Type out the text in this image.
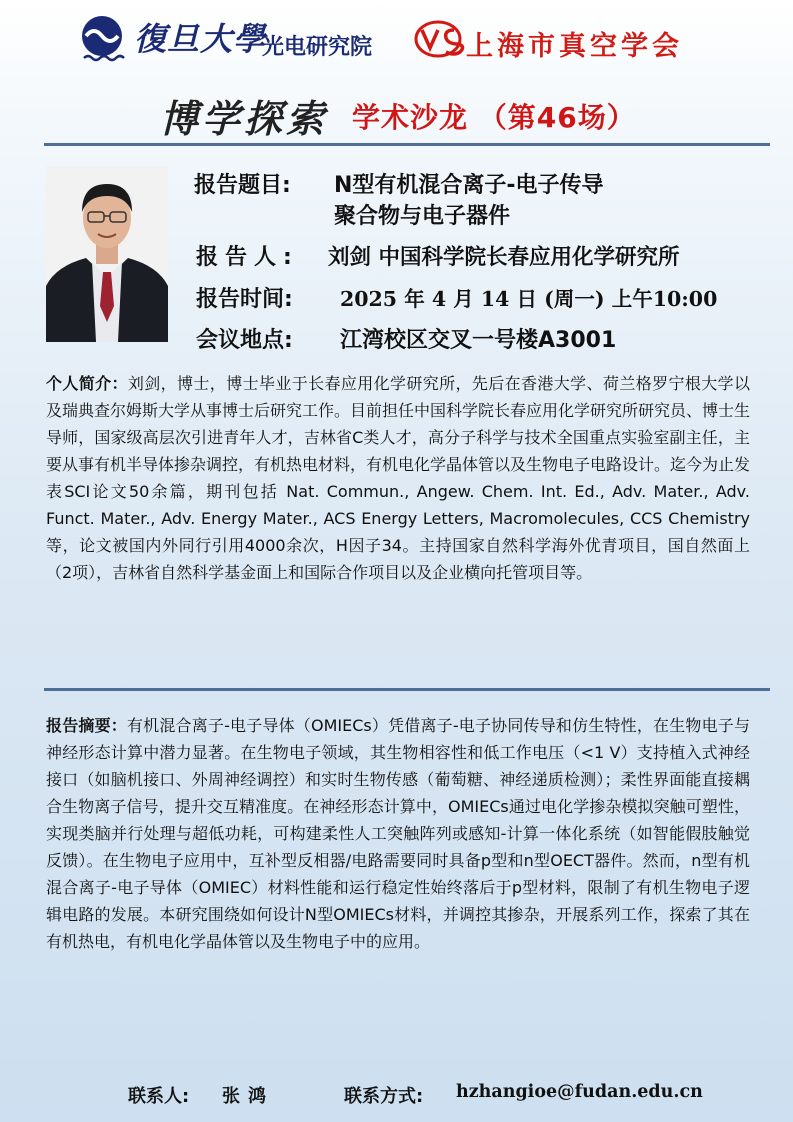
復旦大學
光电研究院	上海市真空学会
博学探索 学术沙龙 （第46场）
报告题目: N型有机混合离子-电子传导
聚合物与电子器件
报告人: 刘剑 中国科学院长春应用化学研究所
报告时间: 2025 年 4 月 14 日 (周一) 上午10:00
会议地点: 江湾校区交叉一号楼A3001
个人简介：刘剑，博士，博士毕业于长春应用化学研究所，先后在香港大学、荷兰格罗宁根大学以及瑞典查尔姆斯大学从事博士后研究工作。目前担任中国科学院长春应用化学研究所研究员、博士生导师，国家级高层次引进青年人才，吉林省C类人才，高分子科学与技术全国重点实验室副主任，主要从事有机半导体掺杂调控，有机热电材料，有机电化学晶体管以及生物电子电路设计。迄今为止发表SCI论文50余篇，期刊包括 Nat. Commun., Angew. Chem. Int. Ed., Adv. Mater., Adv. Funct. Mater., Adv. Energy Mater., ACS Energy Letters, Macromolecules, CCS Chemistry等，论文被国内外同行引用4000余次，H因子34。主持国家自然科学海外优青项目，国自然面上（2项），吉林省自然科学基金面上和国际合作项目以及企业横向托管项目等。
报告摘要：有机混合离子-电子导体（OMIECs）凭借离子-电子协同传导和仿生特性，在生物电子与神经形态计算中潜力显著。在生物电子领域，其生物相容性和低工作电压（<1 V）支持植入式神经接口（如脑机接口、外周神经调控）和实时生物传感（葡萄糖、神经递质检测）；柔性界面能直接耦合生物离子信号，提升交互精准度。在神经形态计算中，OMIECs通过电化学掺杂模拟突触可塑性，实现类脑并行处理与超低功耗，可构建柔性人工突触阵列或感知-计算一体化系统（如智能假肢触觉反馈）。在生物电子应用中，互补型反相器/电路需要同时具备p型和n型OECT器件。然而，n型有机混合离子-电子导体（OMIEC）材料性能和运行稳定性始终落后于p型材料，限制了有机生物电子逻辑电路的发展。本研究围绕如何设计N型OMIECs材料，并调控其掺杂，开展系列工作，探索了其在有机热电，有机电化学晶体管以及生物电子中的应用。
联系人: 张鸿	联系方式: hzhangioe@fudan.edu.cn
